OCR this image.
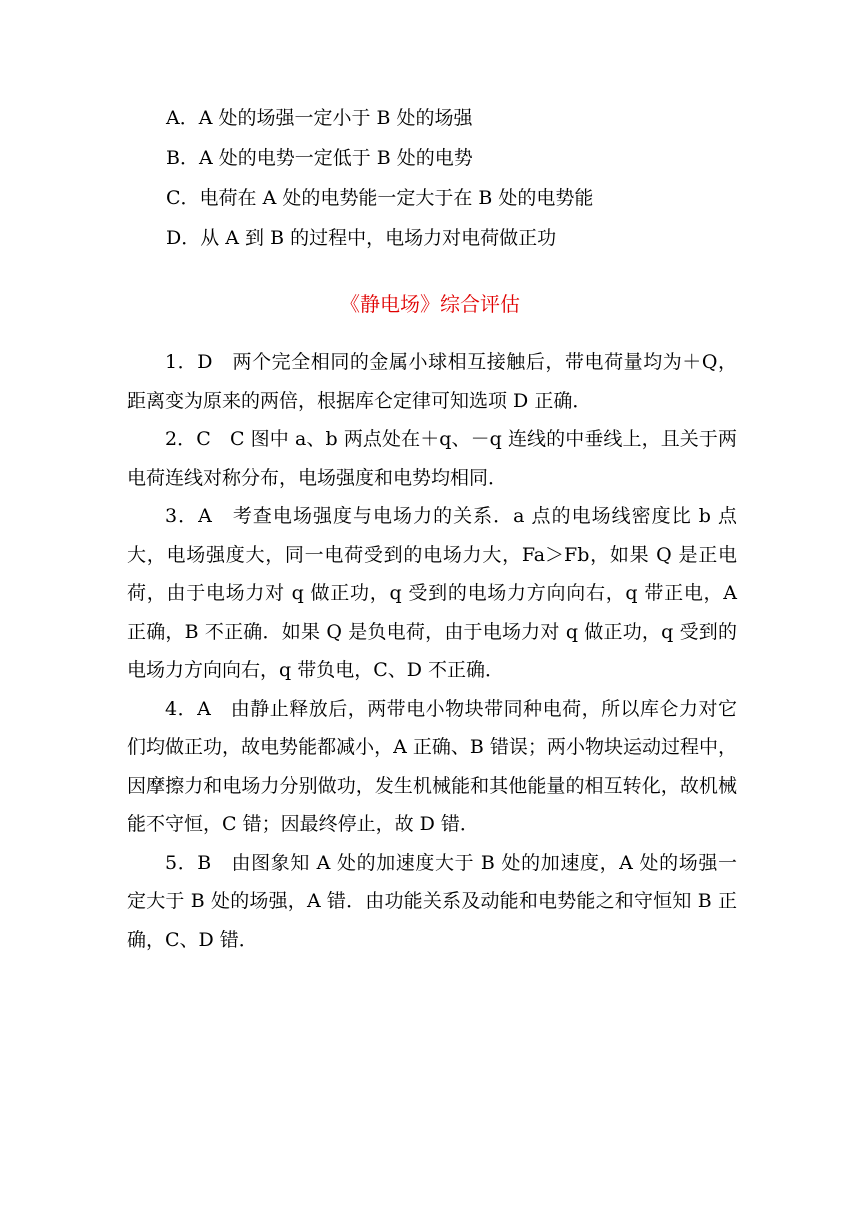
A．A 处的场强一定小于 B 处的场强
B．A 处的电势一定低于 B 处的电势
C．电荷在 A 处的电势能一定大于在 B 处的电势能
D．从 A 到 B 的过程中，电场力对电荷做正功
《静电场》综合评估

1．D　两个完全相同的金属小球相互接触后，带电荷量均为＋Q，距离变为原来的两倍，根据库仑定律可知选项 D 正确．

2．C　C 图中 a、b 两点处在＋q、－q 连线的中垂线上，且关于两电荷连线对称分布，电场强度和电势均相同．

3．A　考查电场强度与电场力的关系．a 点的电场线密度比 b 点大，电场强度大，同一电荷受到的电场力大，Fa＞Fb，如果 Q 是正电荷，由于电场力对 q 做正功，q 受到的电场力方向向右，q 带正电，A 正确，B 不正确．如果 Q 是负电荷，由于电场力对 q 做正功，q 受到的电场力方向向右，q 带负电，C、D 不正确．

4．A　由静止释放后，两带电小物块带同种电荷，所以库仑力对它们均做正功，故电势能都减小，A 正确、B 错误；两小物块运动过程中，因摩擦力和电场力分别做功，发生机械能和其他能量的相互转化，故机械能不守恒，C 错；因最终停止，故 D 错．

5．B　由图象知 A 处的加速度大于 B 处的加速度，A 处的场强一定大于 B 处的场强，A 错．由功能关系及动能和电势能之和守恒知 B 正确，C、D 错．
